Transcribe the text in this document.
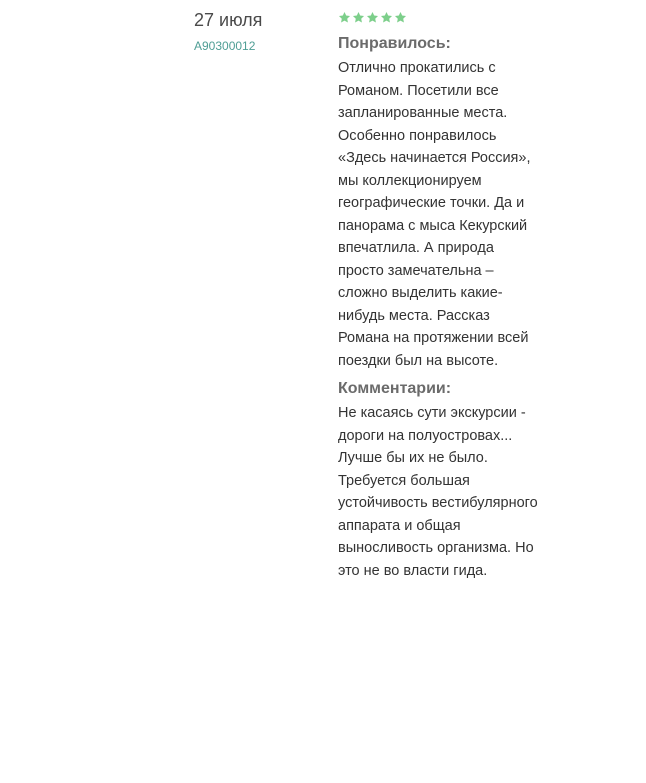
27 июля
A90300012	Понравилось:

Отлично прокатились с Романом. Посетили все запланированные места. Особенно понравилось «Здесь начинается Россия», мы коллекционируем географические точки. Да и панорама с мыса Кекурский впечатлила. А природа просто замечательна – сложно выделить какие-нибудь места. Рассказ Романа на протяжении всей поездки был на высоте.

Комментарии:

Не касаясь сути экскурсии - дороги на полуостровах... Лучше бы их не было. Требуется большая устойчивость вестибулярного аппарата и общая выносливость организма. Но это не во власти гида.
